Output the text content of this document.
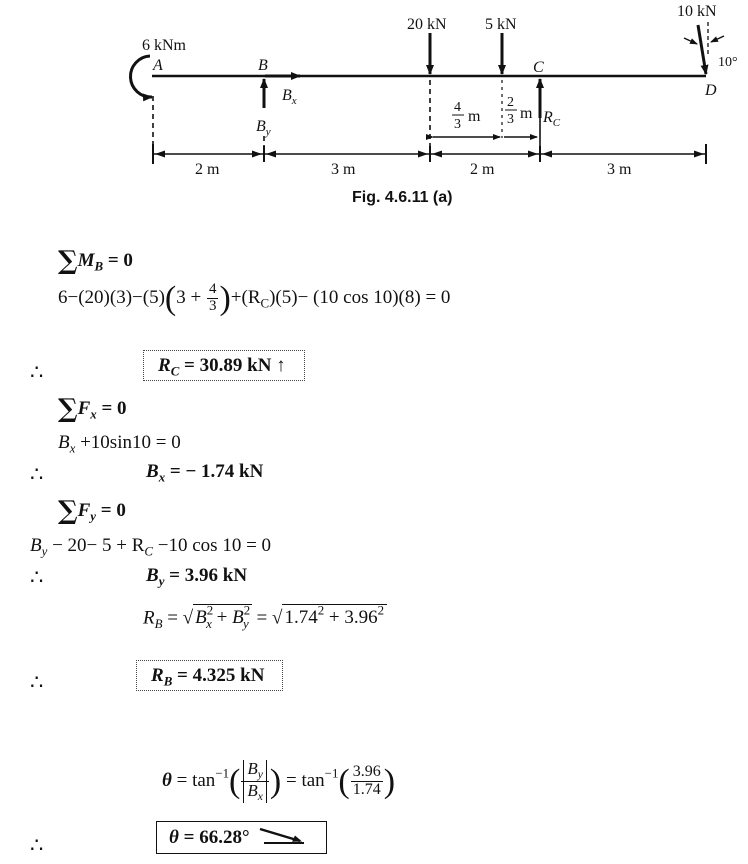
6 kNm
A	B	C
D
$B_x$
$B_y$
20 kN 5 kN
$R_C$
10 kN
10°
4
3 m
2
3 m
2 m	3 m	2 m	3 m
Fig. 4.6.11 (a)
$\sum M_B = 0$
$6-(20)(3)-(5)(3 + \frac{4}{3} )+(R_C)(5)- (10$ cos 10)(8) = 0
∴	$R_C = 30.89$ kN ↑
$\sum F_x = 0$
$B_x +10\sin 10 = 0$
∴	$B_x$ = − 1.74 kN
$\sum F_y = 0$
$B_y - 20- 5 + R_C -10$ cos 10 = 0
∴	$B_y = 3.96$ kN
$R_B$ = √ $B^2_x + B^2_y$ = √ $1.74^2 + 3.96^2$
∴	$R_B = 4.325$ kN
$\theta = \tan^{-1}( \frac{B_y}{B_x}$ ) = $\tan^{-1}( \frac{3.96}{1.74}$ )
∴	θ = 66.28°
